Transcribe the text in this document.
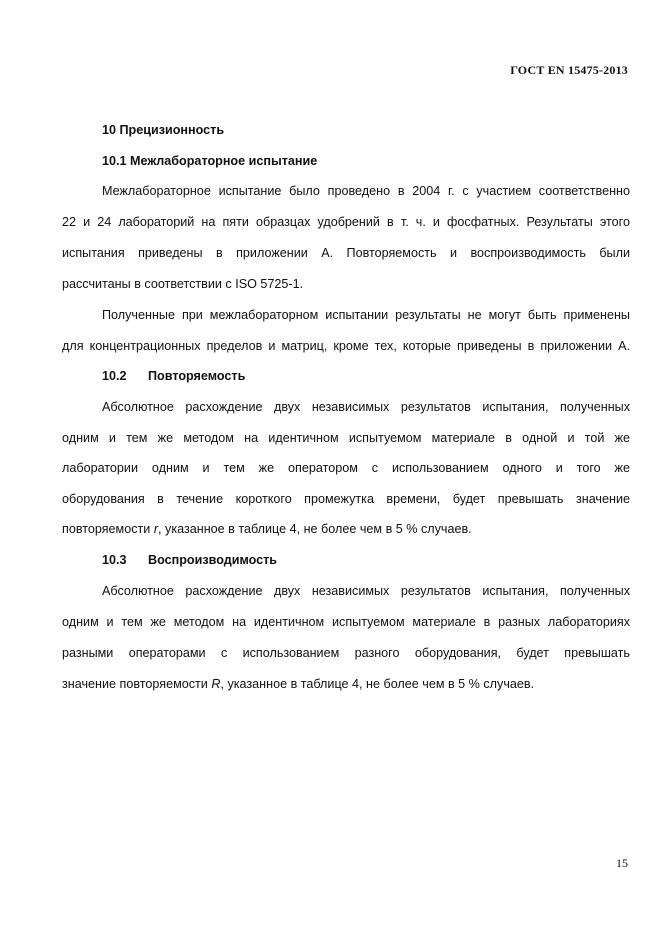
ГОСТ EN 15475-2013
10 Прецизионность
10.1 Межлабораторное испытание
Межлабораторное испытание было проведено в 2004 г. с участием соответственно
22 и 24 лабораторий на пяти образцах удобрений в т. ч. и фосфатных. Результаты этого
испытания приведены в приложении А. Повторяемость и воспроизводимость были
рассчитаны в соответствии с ISO 5725-1.
Полученные при межлабораторном испытании результаты не могут быть применены
для концентрационных пределов и матриц, кроме тех, которые приведены в приложении А.
10.2 Повторяемость
Абсолютное расхождение двух независимых результатов испытания, полученных
одним и тем же методом на идентичном испытуемом материале в одной и той же
лаборатории одним и тем же оператором с использованием одного и того же
оборудования в течение короткого промежутка времени, будет превышать значение
повторяемости r, указанное в таблице 4, не более чем в 5 % случаев.
10.3 Воспроизводимость
Абсолютное расхождение двух независимых результатов испытания, полученных
одним и тем же методом на идентичном испытуемом материале в разных лабораториях
разными операторами с использованием разного оборудования, будет превышать
значение повторяемости R, указанное в таблице 4, не более чем в 5 % случаев.
15
